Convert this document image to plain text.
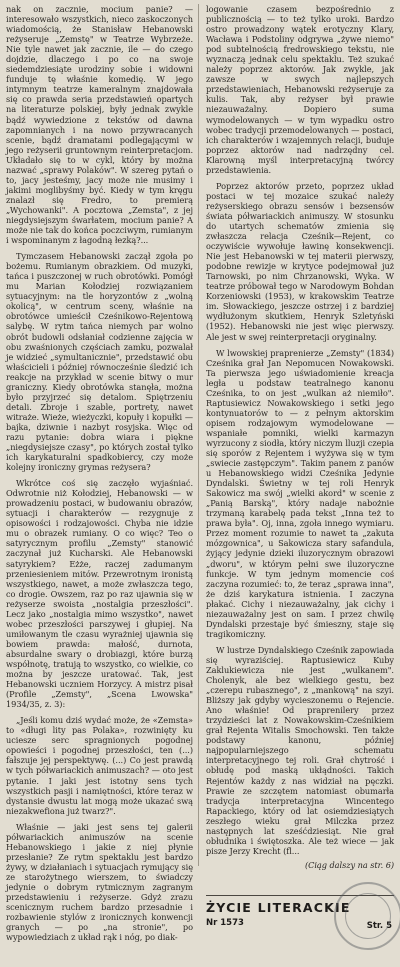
nak on zacznie, mocium panie? — interesowało wszystkich, nieco zaskoczonych wiadomością, że Stanisław Hebanowski reżyseruje „Zemstę" w Teatrze Wybrzeże. Nie tyle nawet jak zacznie, ile — do czego dojdzie, dlaczego i po co na swoje siedemdziesiąte urodziny sobie i widowni funduje tę właśnie komedię. W jego intymnym teatrze kameralnym znajdowała się co prawda seria przedstawień opartych na literaturze polskiej, były jednak zwykle bądź wywiedzione z tekstów od dawna zapomnianych i na nowo przywracanych scenie, bądź dramatami podlegającymi w jego reżyserii gruntownym reinterpretacjom. Układało się to w cykl, który by można nazwać „sprawy Polaków". W szereg pytań o to, jacy jesteśmy, jacy może nie musimy i jakimi moglibyśmy być. Kiedy w tym kręgu znalazł się Fredro, to premierą „Wychowanki". A pocztowa „Zemsta", z jej niegdysiejszym śwarłatem, mocium panie? A może nie tak do końca poczciwym, rumianym i wspominanym z łagodną łezką?...

Tymczasem Hebanowski zaczął zgoła po bożemu. Rumianym obrazkiem. Od muzyki, tańca i puszczonej w ruch obrotówki. Pomógł mu Marian Kołodziej rozwiązaniem sytuacyjnym: na tle horyzontów z „wolną okolicą", w centrum sceny, właśnie na obrotówce umieścił Cześnikowo-Rejentową salybę. W rytm tańca niemych par wolno obrót budowli odsłaniał codzienne zajęcia w obu zwaśnionych częściach zamku, pozwalał je widzieć „symultanicznie", przedstawić obu właścicieli i później równocześnie śledzić ich reakcje na przykład w scenie bitwy o mur graniczny. Kiedy obrotówka stanęła, można było przyjrzeć się detalom. Spiętrzeniu detali. Zbroje i szable, portrety, nawet witraże. Wieże, wieżyczki, kopuły i kopułki — bajka, dziwnie i nazbyt rosyjska. Więc od razu pytanie: dobra wiara i piękne „niegdysiejsze czasy", po których został tylko ich karykaturalni spadkobiercy, czy może kolejny ironiczny grymas reżysera?

Wkrótce coś się zaczęło wyjaśniać. Odwrotnie niż Kołodziej, Hebanowski — w prowadzeniu postaci, w budowaniu obrazów, sytuacji i charakterów — rezygnuje z opisowości i rodzajowości. Chyba nie idzie mu o obrazek rumiany. O co więc? Teo o satyrycznym profilu „Zemsty" stanowić zaczynał już Kucharski. Ale Hebanowski satyrykiem? Eżże, raczej zadumanym przeniesieniem mitów. Przewrotnym ironistą wszystkiego, nawet, a może zwłaszcza tego, co drogie. Owszem, raz po raz ujawnia się w reżyserze swoista „nostalgia przeszłości". Lecz jako „nostalgia mimo wszystko", nawet wobec przeszłości parszywej i głupiej. Na umiłowanym tle czasu wyrażniej ujawnia się bowiem prawda: małość, durnota, absurdalne swary o drobiazgi, które burzą współnotę, tratują to wszystko, co wielkie, co można by jeszcze uratować. Tak, jest Hebanowski uczniem Horzycy. A mistrz pisał (Profile „Zemsty", „Scena Lwowska" 1934/35, z. 3):

„Jeśli komu dziś wydać może, że «Zemsta» to «długi lity pas Polaka», rozwinięty ku uciesze serc spragnionych pogodnej opowieści i pogodnej przeszłości, ten (...) fałszuje jej perspektywę. (...) Co jest prawdą w tych półwariackich animuszach? — oto jest pytanie. I jaki jest istotny sens tych wszystkich pasji i namiętności, które teraz w dystansie dwustu lat mogą może ukazać swą niezakwefiona już twarz?".

Właśnie — jaki jest sens tej galerii półwariackich animuszów na scenie Hebanowskiego i jakie z niej płynie przesłanie? Ze rytm spektaklu jest bardzo żywy, w działaniach i sytuacjach rymujący się ze starożytnego wierszem, to świadczy jedynie o dobrym rytmicznym zagranym przedstawieniu i reżyserze. Gdyż zrazu scenicznym ruchem bardzo przesadnie i rozbawienie stylów z ironicznych konwencji granych — po „na stronie", po wypowiedziach z układ rąk i nóg, po diak-

logowanie czasem bezpośrednio z publicznością — to też tylko uroki. Bardzo ostro prowadzony wątek erotyczny Klary, Wacława i Podstoliny odgrywa „żywe niemo" pod subtelnością fredrowskiego tekstu, nie wyznaczą jednak celu spektaklu. Też szukać należy poprzez aktorów. Jak zwykle, jak zawsze w swych najlepszych przedstawieniach, Hebanowski reżyseruje za kulis. Tak, aby reżyser był prawie niezauważalny. Dopiero suma wymodelowanych — w tym wypadku ostro wobec tradycji przemodelowanych — postaci, ich charakterów i wzajemnych relacji, buduje poprzez aktorów nad nadrzędny cel. Klarowną myśl interpretacyjną twórcy przedstawienia.

Poprzez aktorów przeto, poprzez układ postaci w tej mozaice szukać należy reżyserskiego obrazu sensów i bezsensów świata półwariackich animuszy. W stosunku do utartych schematów zmienia się zwłaszcza relacja Cześnik—Rejent, co oczywiście wywołuje ławinę konsekwencji. Nie jest Hebanowski w tej materii pierwszy, podobne rewizje w krytyce podejmował już Tarnowski, po nim Chrzanowski, Wyka. W teatrze próbował tego w Narodowym Bohdan Korzeniowski (1953), w krakowskim Teatrze im. Słowackiego, jeszcze ostrzej i z bardziej wydłużonym skutkiem, Henryk Szletyński (1952). Hebanowski nie jest więc pierwszy. Ale jest w swej reinterpretacji oryginalny.

W lwowskiej praprenierze „Zemsty" (1834) Cześnika grał Jan Nepomucen Nowakowski. Ta pierwsza jego uświadomienie kreacja legła u podstaw teatralnego kanonu Cześnika, to on jest „wulkan aż niemiło". Raptusiewicz Nowakowskiego i setki jego kontynuatorów to — z pełnym aktorskim opisem rodzajowym wymodelowane — wspaniałe pomniki, wielki karmazyn wyrzucony z siodła, który niczym lluzji czepia się sporów z Rejentem i wyżywa się w tym „swiecie zastępczym". Takim panem z panów u Hebanowskiego widzi Cześnika Jedynie Dyndalski. Świetny w tej roli Henryk Sakowicz ma swój „wielki akord" w scenie z „Panią Barską", który nadaje nabożnie trzymaną karabelę pada tekst „Inna też to prawa była". Oj, inna, zgoła innego wymiaru. Przez moment rozumie to nawet ta „zakuta mózgownica", u Sakowicza stary safandula, żyjący jedynie dzieki iluzorycznym obrazowi „dworu", w którym pełni swe iluzoryczne funkcje. W tym jednym momencie coś zaczyna rozumieć: to, że teraz „sprawa inna", że dziś karykatura istnienia. I zaczyna płakać. Cichy i niezauważalny, jak cichy i niezauważalny jest on sam. I przez chwilę Dyndalski przestaje być śmieszny, staje się tragikomiczny.

W lustrze Dyndalskiego Cześnik zapowiada się wyraziściej. Raptusiewicz Kuby Zaklukiewicza nie jest „wulkanem". Cholenyk, ale bez wielkiego gestu, bez „czerepu rubasznego", z „mankową" na szyi. Bliższy jak gdyby wycieszonemu o Rejencie. Ano właśnie! Od praprenilery przez trzydzieści lat z Nowakowskim-Cześnikiem grał Rejenta Witalis Smochowski. Ten także podstawy kanonu, później najpopularniejszego schematu interpretacyjnego tej roli. Grał chytrość i obłudę pod maską ukłądności. Takich Rejentów każdy z nas widział na pęczki. Prawie ze szczętem natomiast obumarła tradycja interpretacyjna Wincentego Rapackiego, który od lat osiemdziesiątych zeszłego wieku grał Milczka przez następnych lat sześćdziesiąt. Nie grał obłudnika i świętoszka. Ale też wiece — jak pisze Jerzy Krecht (fl...

(Ciąg dalszy na str. 6)

ŻYCIE LITERACKIE
Nr 1573	Str. 5
